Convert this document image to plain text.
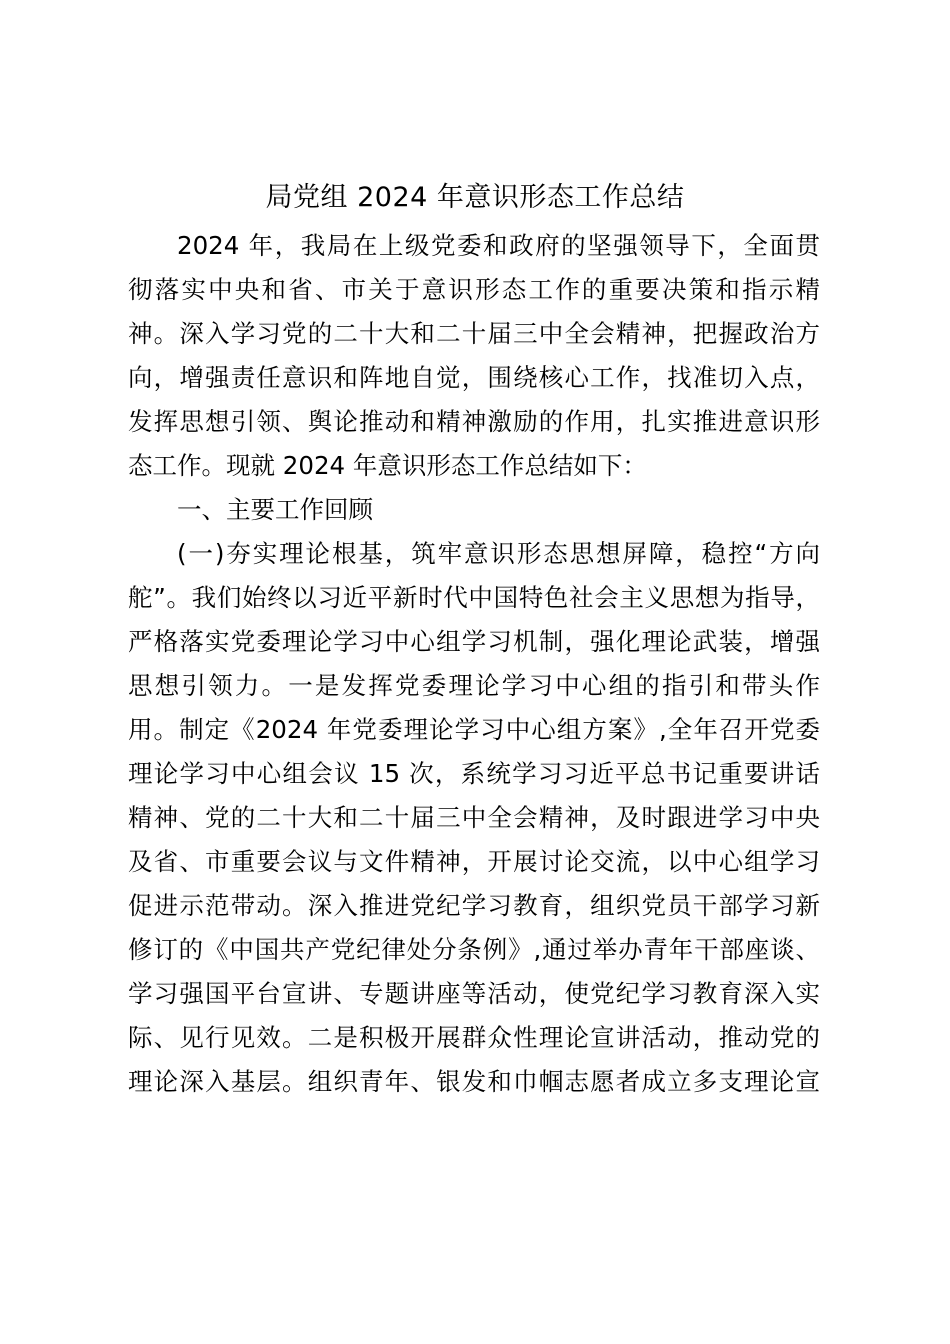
局党组 2024 年意识形态工作总结
2024 年，我局在上级党委和政府的坚强领导下，全面贯
彻落实中央和省、市关于意识形态工作的重要决策和指示精
神。深入学习党的二十大和二十届三中全会精神，把握政治方
向，增强责任意识和阵地自觉，围绕核心工作，找准切入点，
发挥思想引领、舆论推动和精神激励的作用，扎实推进意识形
态工作。现就 2024 年意识形态工作总结如下：
一、主要工作回顾
(一)夯实理论根基，筑牢意识形态思想屏障，稳控“方向
舵”。我们始终以习近平新时代中国特色社会主义思想为指导，
严格落实党委理论学习中心组学习机制，强化理论武装，增强
思想引领力。一是发挥党委理论学习中心组的指引和带头作
用。制定《2024 年党委理论学习中心组方案》,全年召开党委
理论学习中心组会议 15 次，系统学习习近平总书记重要讲话
精神、党的二十大和二十届三中全会精神，及时跟进学习中央
及省、市重要会议与文件精神，开展讨论交流，以中心组学习
促进示范带动。深入推进党纪学习教育，组织党员干部学习新
修订的《中国共产党纪律处分条例》,通过举办青年干部座谈、
学习强国平台宣讲、专题讲座等活动，使党纪学习教育深入实
际、见行见效。二是积极开展群众性理论宣讲活动，推动党的
理论深入基层。组织青年、银发和巾帼志愿者成立多支理论宣
